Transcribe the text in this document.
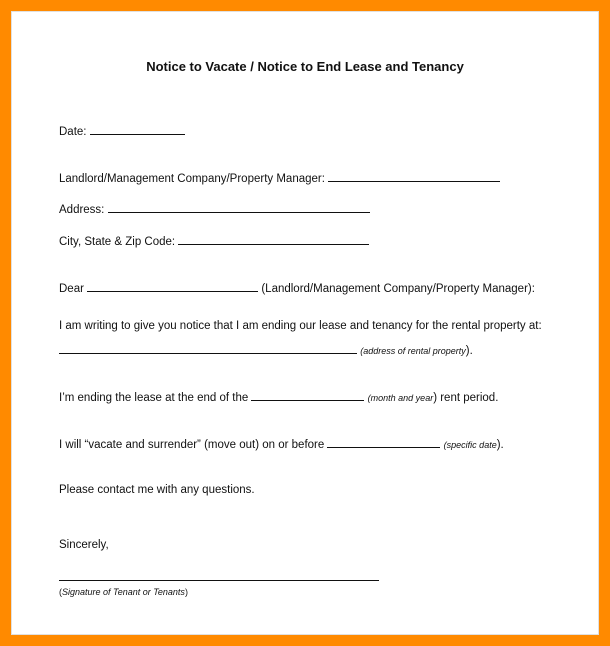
Notice to Vacate / Notice to End Lease and Tenancy
Date:
Landlord/Management Company/Property Manager:
Address:
City, State & Zip Code:
Dear	(Landlord/Management Company/Property Manager):
I am writing to give you notice that I am ending our lease and tenancy for the rental property at:
(address of rental property).
I’m ending the lease at the end of the	(month and year) rent period.
I will “vacate and surrender” (move out) on or before	(specific date).
Please contact me with any questions.
Sincerely,
(Signature of Tenant or Tenants)
